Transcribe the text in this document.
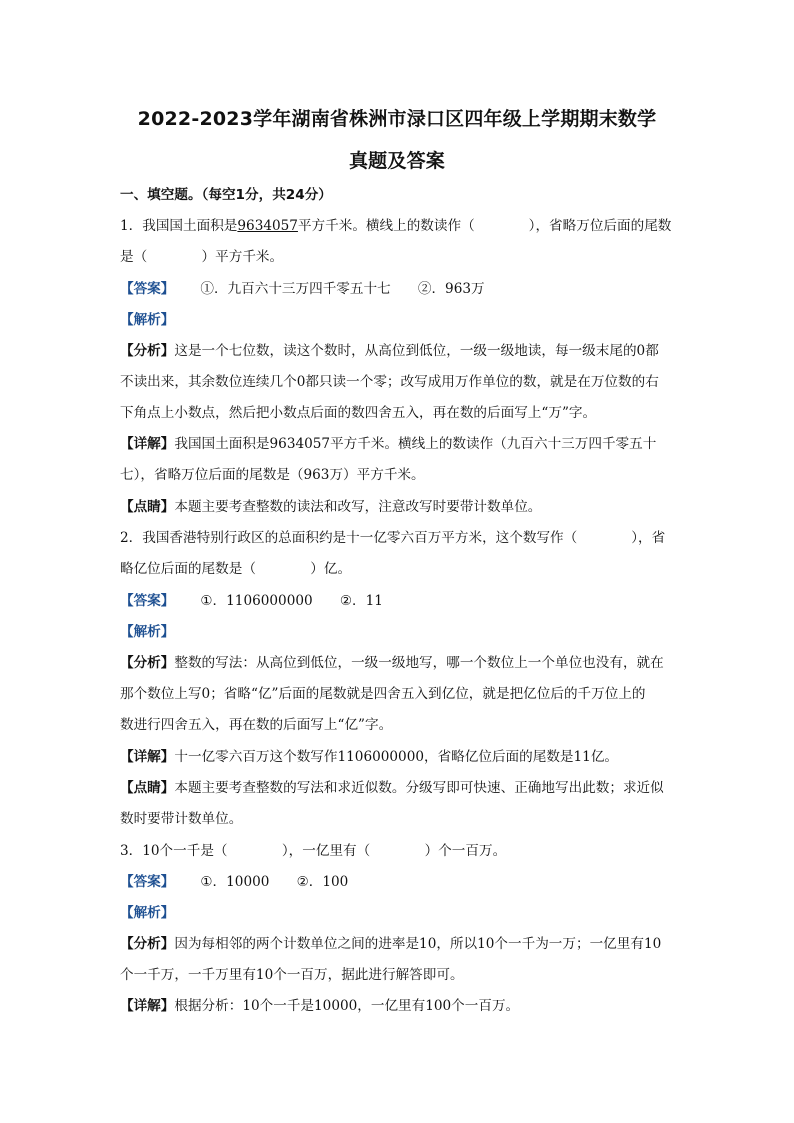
2022-2023学年湖南省株洲市渌口区四年级上学期期末数学
真题及答案
一、填空题。（每空1分，共24分）
1．我国国土面积是9634057平方千米。横线上的数读作（	），省略万位后面的尾数
是（　　　　）平方千米。
【答案】 ①．九百六十三万四千零五十七　　②．963万
【解析】
【分析】这是一个七位数，读这个数时，从高位到低位，一级一级地读，每一级末尾的0都
不读出来，其余数位连续几个0都只读一个零；改写成用万作单位的数，就是在万位数的右
下角点上小数点，然后把小数点后面的数四舍五入，再在数的后面写上“万”字。
【详解】我国国土面积是9634057平方千米。横线上的数读作（九百六十三万四千零五十
七），省略万位后面的尾数是（963万）平方千米。
【点睛】本题主要考查整数的读法和改写，注意改写时要带计数单位。
2．我国香港特别行政区的总面积约是十一亿零六百万平方米，这个数写作（	），省
略亿位后面的尾数是（　　　　）亿。
【答案】 ①．1106000000　　②．11
【解析】
【分析】整数的写法：从高位到低位，一级一级地写，哪一个数位上一个单位也没有，就在
那个数位上写0；省略“亿”后面的尾数就是四舍五入到亿位，就是把亿位后的千万位上的
数进行四舍五入，再在数的后面写上“亿”字。
【详解】十一亿零六百万这个数写作1106000000，省略亿位后面的尾数是11亿。
【点睛】本题主要考查整数的写法和求近似数。分级写即可快速、正确地写出此数；求近似
数时要带计数单位。
3．10个一千是（　　　　），一亿里有（　　　　）个一百万。
【答案】 ①．10000　　②．100
【解析】
【分析】因为每相邻的两个计数单位之间的进率是10，所以10个一千为一万；一亿里有10
个一千万，一千万里有10个一百万，据此进行解答即可。
【详解】根据分析：10个一千是10000，一亿里有100个一百万。
